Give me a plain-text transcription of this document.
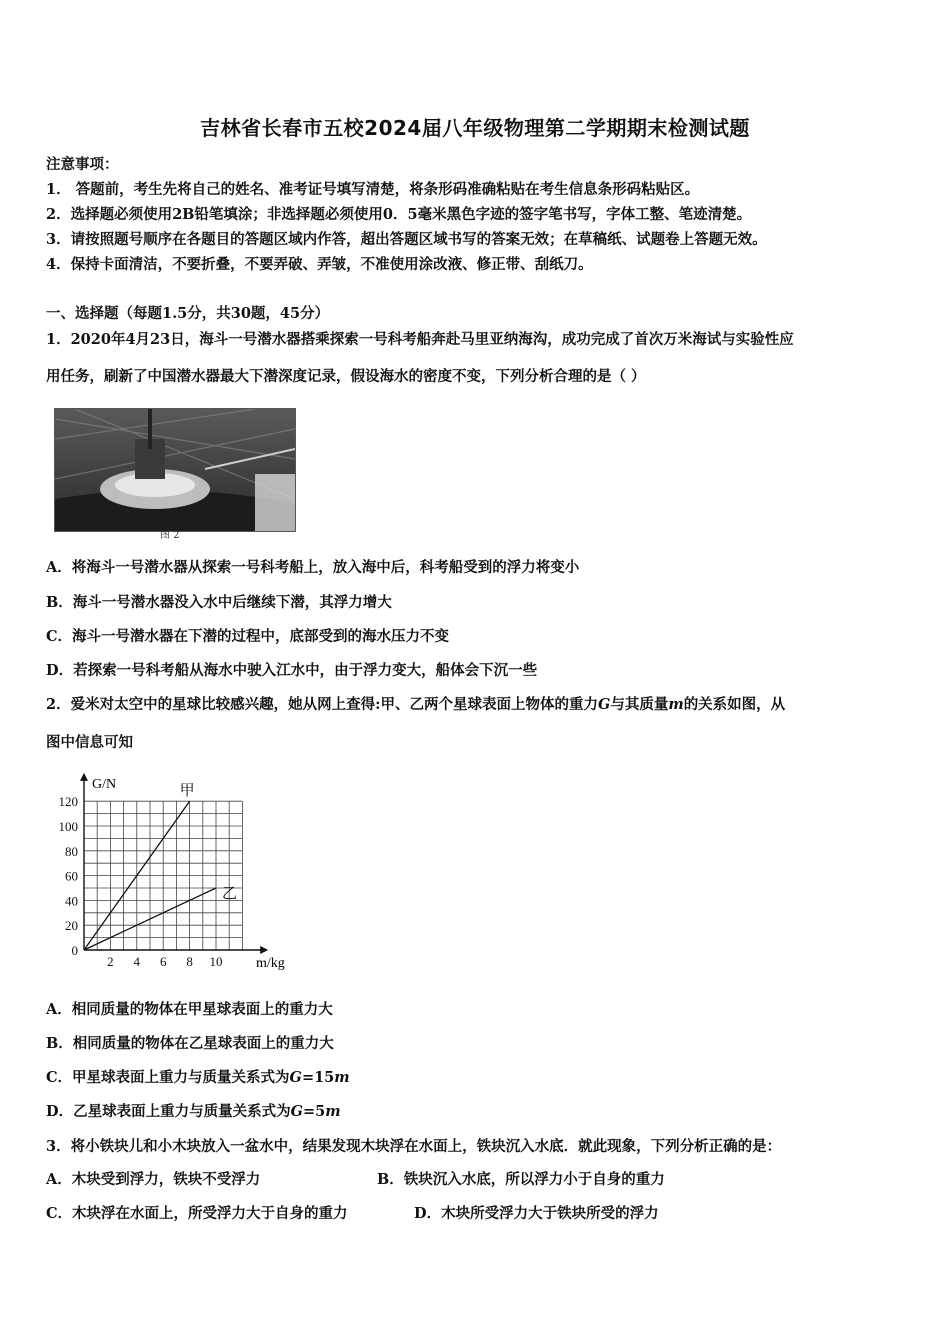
吉林省长春市五校2024届八年级物理第二学期期末检测试题
注意事项：
1． 答题前，考生先将自己的姓名、准考证号填写清楚，将条形码准确粘贴在考生信息条形码粘贴区。
2．选择题必须使用2B铅笔填涂；非选择题必须使用0．5毫米黑色字迹的签字笔书写，字体工整、笔迹清楚。
3．请按照题号顺序在各题目的答题区域内作答，超出答题区域书写的答案无效；在草稿纸、试题卷上答题无效。
4．保持卡面清洁，不要折叠，不要弄破、弄皱，不准使用涂改液、修正带、刮纸刀。
一、选择题（每题1.5分，共30题，45分）
1．2020年4月23日，海斗一号潜水器搭乘探索一号科考船奔赴马里亚纳海沟，成功完成了首次万米海试与实验性应
用任务，刷新了中国潜水器最大下潜深度记录，假设海水的密度不变，下列分析合理的是（ ）
图 2
A．将海斗一号潜水器从探索一号科考船上，放入海中后，科考船受到的浮力将变小
B．海斗一号潜水器没入水中后继续下潜，其浮力增大
C．海斗一号潜水器在下潜的过程中，底部受到的海水压力不变
D．若探索一号科考船从海水中驶入江水中，由于浮力变大，船体会下沉一些
2．爱米对太空中的星球比较感兴趣，她从网上查得:甲、乙两个星球表面上物体的重力G与其质量m的关系如图，从
图中信息可知
G/N
m/kg
2 4 6 8 10
0
20
40
60
80
100
120
甲
乙
A．相同质量的物体在甲星球表面上的重力大
B．相同质量的物体在乙星球表面上的重力大
C．甲星球表面上重力与质量关系式为G=15m
D．乙星球表面上重力与质量关系式为G=5m
3．将小铁块儿和小木块放入一盆水中，结果发现木块浮在水面上，铁块沉入水底．就此现象，下列分析正确的是：
A．木块受到浮力，铁块不受浮力	B．铁块沉入水底，所以浮力小于自身的重力
C．木块浮在水面上，所受浮力大于自身的重力	D．木块所受浮力大于铁块所受的浮力
